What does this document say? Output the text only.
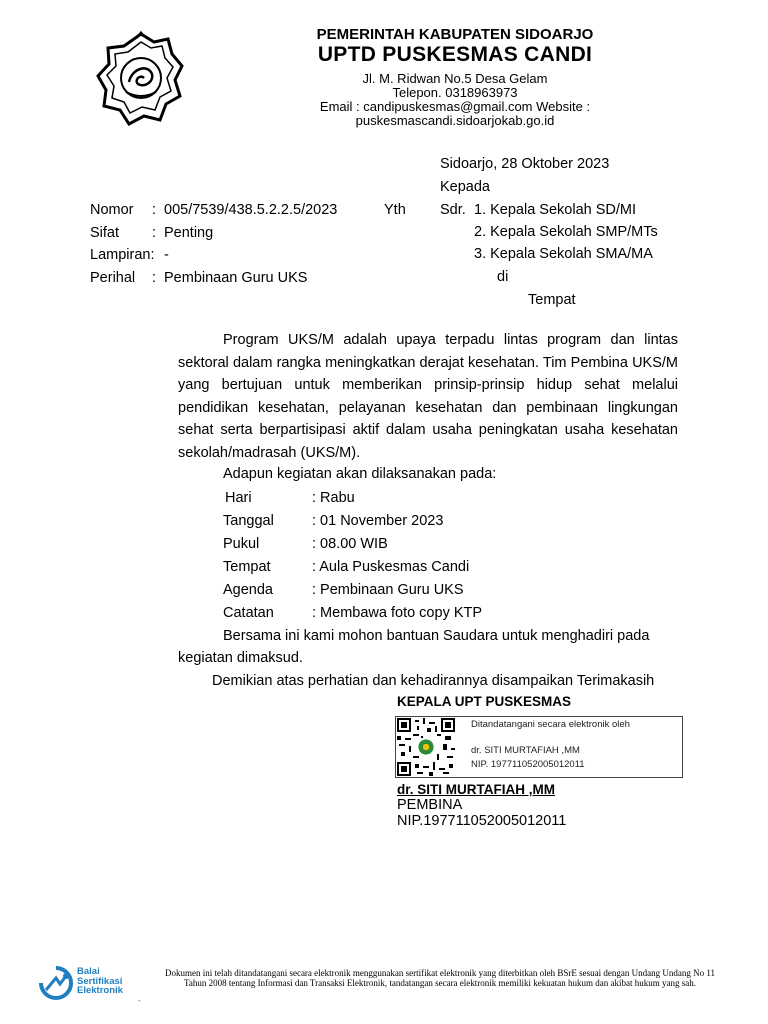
PEMERINTAH KABUPATEN SIDOARJO
UPTD PUSKESMAS CANDI
Jl. M. Ridwan No.5 Desa Gelam
Telepon. 0318963973
Email : candipuskesmas@gmail.com Website :
puskesmascandi.sidoarjokab.go.id
Sidoarjo, 28 Oktober 2023
Kepada
Yth Sdr. 1. Kepala Sekolah SD/MI
2. Kepala Sekolah SMP/MTs
3. Kepala Sekolah SMA/MA
di
Tempat
Nomor : 005/7539/438.5.2.2.5/2023
Sifat : Penting
Lampiran: -
Perihal : Pembinaan Guru UKS
Program UKS/M adalah upaya terpadu lintas program dan lintas sektoral dalam rangka meningkatkan derajat kesehatan. Tim Pembina UKS/M yang bertujuan untuk memberikan prinsip-prinsip hidup sehat melalui pendidikan kesehatan, pelayanan kesehatan dan pembinaan lingkungan sehat serta berpartisipasi aktif dalam usaha peningkatan usaha kesehatan sekolah/madrasah (UKS/M).
Adapun kegiatan akan dilaksanakan pada:
Hari	: Rabu
Tanggal	: 01 November 2023
Pukul	: 08.00 WIB
Tempat	: Aula Puskesmas Candi
Agenda	: Pembinaan Guru UKS
Catatan	: Membawa foto copy KTP
Bersama ini kami mohon bantuan Saudara untuk menghadiri pada
kegiatan dimaksud.
Demikian atas perhatian dan kehadirannya disampaikan Terimakasih
KEPALA UPT PUSKESMAS
Ditandatangani secara elektronik oleh
dr. SITI MURTAFIAH ,MM
NIP. 197711052005012011
dr. SITI MURTAFIAH ,MM
PEMBINA
NIP.197711052005012011
Balai
Sertifikasi
Elektronik
-
Dokumen ini telah ditandatangani secara elektronik menggunakan sertifikat elektronik yang diterbitkan oleh BSrE sesuai dengan Undang Undang No 11 Tahun 2008 tentang Informasi dan Transaksi Elektronik, tandatangan secara elektronik memiliki kekuatan hukum dan akibat hukum yang sah.
